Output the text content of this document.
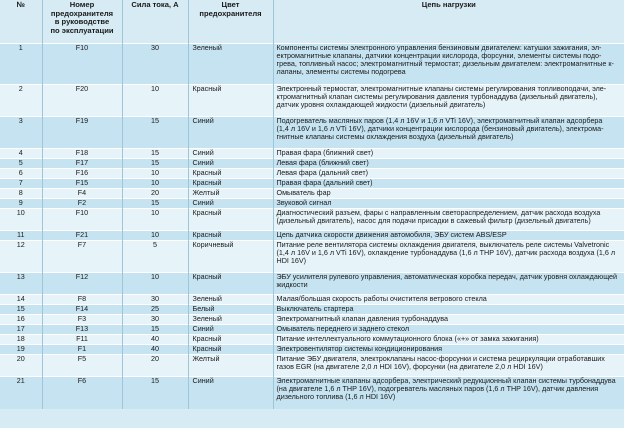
№	Номер
предохранителя
в руководстве
по эксплуатации	Сила тока, А	Цвет
предохранителя	Цепь нагрузки
1	F10	30	Зеленый	Компоненты системы электронного управления бензиновым двигателем: катушки зажигания, эл-
ектромагнитные клапаны, датчики концентрации кислорода, форсунки, элементы системы подо-
грева, топливный насос; электромагнитный термостат; дизельным двигателем: электромагнитные к-
лапаны, элементы системы подогрева
2	F20	10	Красный	Электронный термостат, электромагнитные клапаны системы регулирования топливоподачи, эле-
ктромагнитный клапан системы регулирования давления турбонаддува (дизельный двигатель),
датчик уровня охлаждающей жидкости (дизельный двигатель)
3	F19	15	Синий	Подогреватель масляных паров (1,4 л 16V и 1,6 л VTi 16V), электромагнитный клапан адсорбера
(1,4 л 16V и 1,6 л VTi 16V), датчики концентрации кислорода (бензиновый двигатель), электрома-
гнитные клапаны системы охлаждения воздуха (дизельный двигатель)
4	F18	15	Синий	Правая фара (ближний свет)
5	F17	15	Синий	Левая фара (ближний свет)
6	F16	10	Красный	Левая фара (дальний свет)
7	F15	10	Красный	Правая фара (дальний свет)
8	F4	20	Желтый	Омыватель фар
9	F2	15	Синий	Звуковой сигнал
10	F10	10	Красный	Диагностический разъем, фары с направленным светораспределением, датчик расхода воздуха
(дизельный двигатель), насос для подачи присадки в сажевый фильтр (дизельный двигатель)
11	F21	10	Красный	Цепь датчика скорости движения автомобиля, ЭБУ систем ABS/ESP
12	F7	5	Коричневый	Питание реле вентилятора системы охлаждения двигателя, выключатель реле системы Valvetronic
(1,4 л 16V и 1,6 л VTi 16V), охлаждение турбонаддува (1,6 л THP 16V), датчик расхода воздуха (1,6 л
HDI 16V)
13	F12	10	Красный	ЭБУ усилителя рулевого управления, автоматическая коробка передач, датчик уровня охлаждающей
жидкости
14	F8	30	Зеленый	Малая/большая скорость работы очистителя ветрового стекла
15	F14	25	Белый	Выключатель стартера
16	F3	30	Зеленый	Электромагнитный клапан давления турбонаддува
17	F13	15	Синий	Омыватель переднего и заднего стекол
18	F11	40	Красный	Питание интеллектуального коммутационного блока («+» от замка зажигания)
19	F1	40	Красный	Электровентилятор системы кондиционирования
20	F5	20	Желтый	Питание ЭБУ двигателя, электроклапаны насос-форсунки и система рециркуляции отработавших
газов EGR (на двигателе 2,0 л HDI 16V), форсунки (на двигателе 2,0 л HDI 16V)
21	F6	15	Синий	Электромагнитные клапаны адсорбера, электрический редукционный клапан системы турбонаддува
(на двигателе 1,6 л THP 16V), подогреватель масляных паров (1,6 л THP 16V), датчик давления
дизельного топлива (1,6 л HDI 16V)
